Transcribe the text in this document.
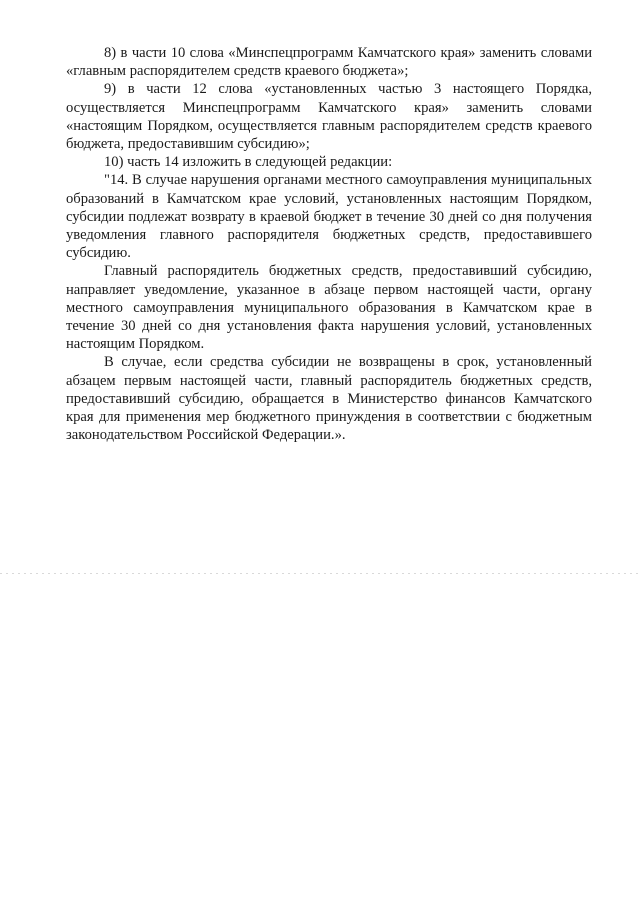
8) в части 10 слова «Минспецпрограмм Камчатского края» заменить словами «главным распорядителем средств краевого бюджета»;

9) в части 12 слова «установленных частью 3 настоящего Порядка, осуществляется Минспецпрограмм Камчатского края» заменить словами «настоящим Порядком, осуществляется главным распорядителем средств краевого бюджета, предоставившим субсидию»;

10) часть 14 изложить в следующей редакции:

"14. В случае нарушения органами местного самоуправления муниципальных образований в Камчатском крае условий, установленных настоящим Порядком, субсидии подлежат возврату в краевой бюджет в течение 30 дней со дня получения уведомления главного распорядителя бюджетных средств, предоставившего субсидию.

Главный распорядитель бюджетных средств, предоставивший субсидию, направляет уведомление, указанное в абзаце первом настоящей части, органу местного самоуправления муниципального образования в Камчатском крае в течение 30 дней со дня установления факта нарушения условий, установленных настоящим Порядком.

В случае, если средства субсидии не возвращены в срок, установленный абзацем первым настоящей части, главный распорядитель бюджетных средств, предоставивший субсидию, обращается в Министерство финансов Камчатского края для применения мер бюджетного принуждения в соответствии с бюджетным законодательством Российской Федерации.».
